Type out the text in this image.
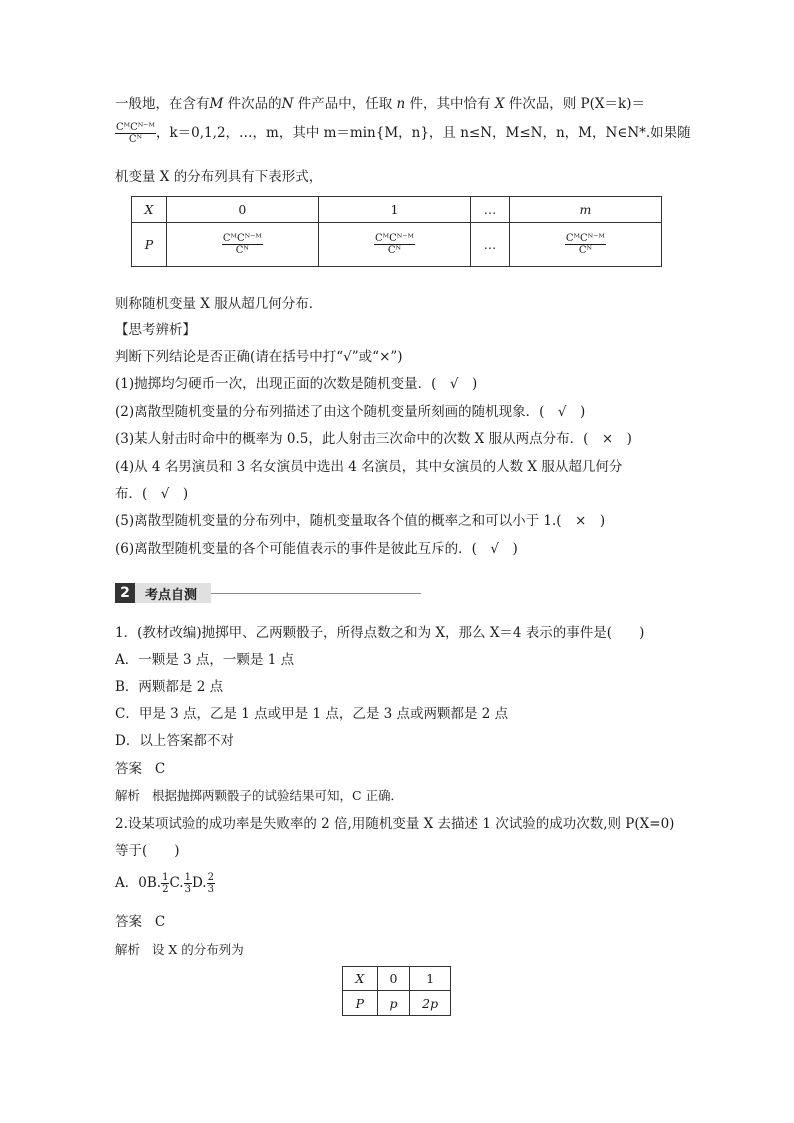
一般地，在含有M 件次品的N 件产品中，任取 n 件，其中恰有 X 件次品，则 P(X＝k)＝
$\frac{\text{CᴹCᴺ⁻ᴹ}}{\text{Cᴺ}}$ ，k＝0,1,2，…，m，其中 m＝min{M，n}，且 n≤N，M≤N，n，M，N∈N*.如果随
机变量 X 的分布列具有下表形式，
X	0	1	…	m
P	$\frac{\text{CᴹCᴺ⁻ᴹ}}{\text{Cᴺ}}$	$\frac{\text{CᴹCᴺ⁻ᴹ}}{\text{Cᴺ}}$	…	$\frac{\text{CᴹCᴺ⁻ᴹ}}{\text{Cᴺ}}$
则称随机变量 X 服从超几何分布．
【思考辨析】
判断下列结论是否正确(请在括号中打“√”或“×”)
(1)抛掷均匀硬币一次，出现正面的次数是随机变量．(　√　)
(2)离散型随机变量的分布列描述了由这个随机变量所刻画的随机现象．(　√　)
(3)某人射击时命中的概率为 0.5，此人射击三次命中的次数 X 服从两点分布．(　×　)
(4)从 4 名男演员和 3 名女演员中选出 4 名演员，其中女演员的人数 X 服从超几何分
布．(　√　)
(5)离散型随机变量的分布列中，随机变量取各个值的概率之和可以小于 1.(　×　)
(6)离散型随机变量的各个可能值表示的事件是彼此互斥的．(　√　)
2	考点自测
1．(教材改编)抛掷甲、乙两颗骰子，所得点数之和为 X，那么 X＝4 表示的事件是(　　)
A．一颗是 3 点，一颗是 1 点
B．两颗都是 2 点
C．甲是 3 点，乙是 1 点或甲是 1 点，乙是 3 点或两颗都是 2 点
D．以上答案都不对
答案 C
解析 根据抛掷两颗骰子的试验结果可知，C 正确．
2.设某项试验的成功率是失败率的 2 倍,用随机变量 X 去描述 1 次试验的成功次数,则 P(X=0)
等于(　　)
A．0B. $\frac{1}{2} C$. $\frac{1}{3} D$. $\frac{2}{3}$
答案 C
解析 设 X 的分布列为
X	0	1
P	p	2p
